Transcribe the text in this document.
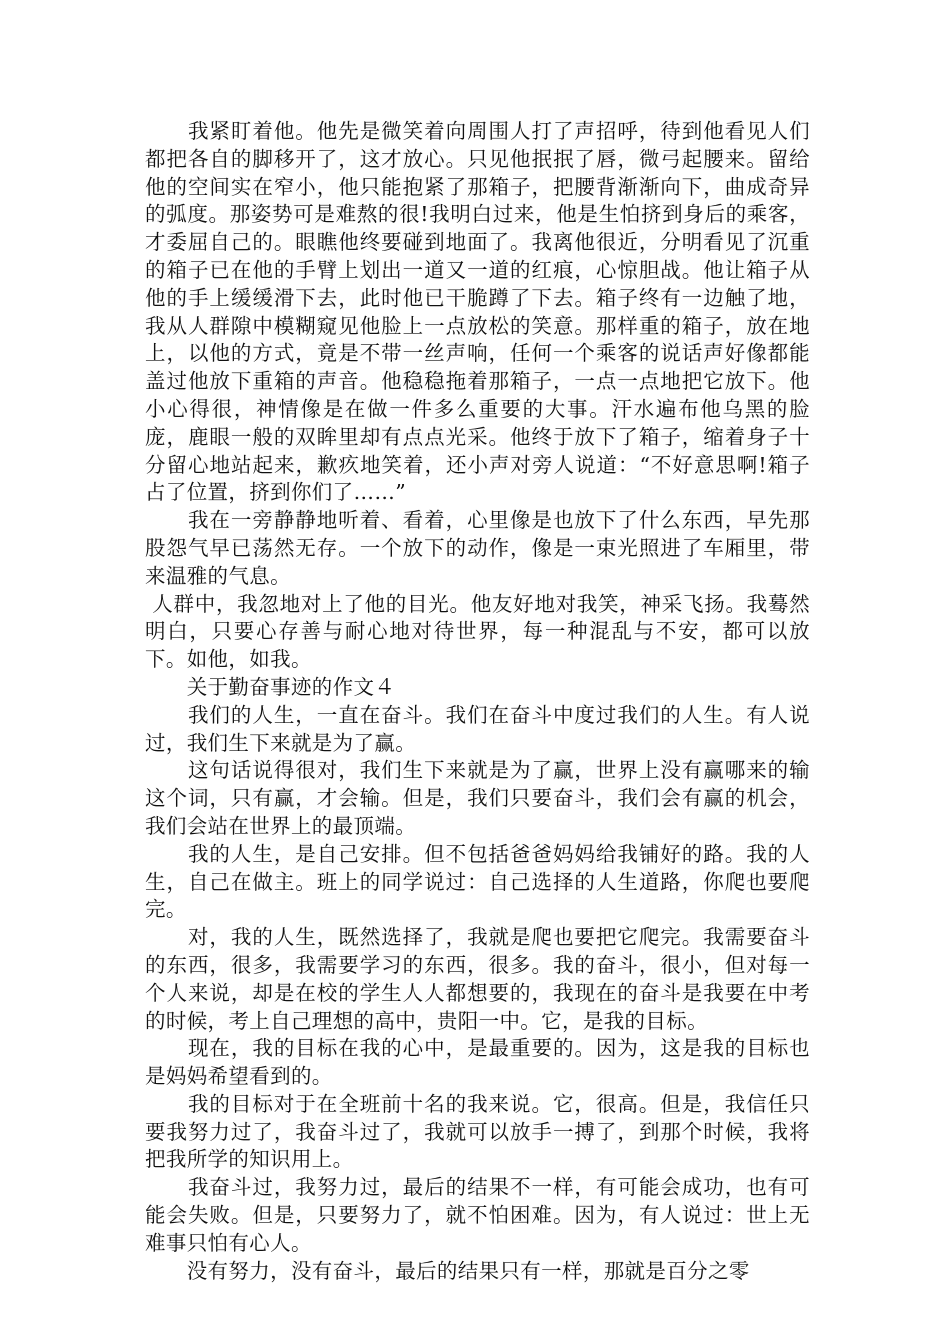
　　我紧盯着他。他先是微笑着向周围人打了声招呼，待到他看见人们都把各自的脚移开了，这才放心。只见他抿抿了唇，微弓起腰来。留给他的空间实在窄小，他只能抱紧了那箱子，把腰背渐渐向下，曲成奇异的弧度。那姿势可是难熬的很!我明白过来，他是生怕挤到身后的乘客，才委屈自己的。眼瞧他终要碰到地面了。我离他很近，分明看见了沉重的箱子已在他的手臂上划出一道又一道的红痕，心惊胆战。他让箱子从他的手上缓缓滑下去，此时他已干脆蹲了下去。箱子终有一边触了地，我从人群隙中模糊窥见他脸上一点放松的笑意。那样重的箱子，放在地上，以他的方式，竟是不带一丝声响，任何一个乘客的说话声好像都能盖过他放下重箱的声音。他稳稳拖着那箱子，一点一点地把它放下。他小心得很，神情像是在做一件多么重要的大事。汗水遍布他乌黑的脸庞，鹿眼一般的双眸里却有点点光采。他终于放下了箱子，缩着身子十分留心地站起来，歉疚地笑着，还小声对旁人说道：“不好意思啊!箱子占了位置，挤到你们了……”

　　我在一旁静静地听着、看着，心里像是也放下了什么东西，早先那股怨气早已荡然无存。一个放下的动作，像是一束光照进了车厢里，带来温雅的气息。

人群中，我忽地对上了他的目光。他友好地对我笑，神采飞扬。我蓦然明白，只要心存善与耐心地对待世界，每一种混乱与不安，都可以放下。如他，如我。

　　关于勤奋事迹的作文４

　　我们的人生，一直在奋斗。我们在奋斗中度过我们的人生。有人说过，我们生下来就是为了赢。

　　这句话说得很对，我们生下来就是为了赢，世界上没有赢哪来的输这个词，只有赢，才会输。但是，我们只要奋斗，我们会有赢的机会，我们会站在世界上的最顶端。

　　我的人生，是自己安排。但不包括爸爸妈妈给我铺好的路。我的人生，自己在做主。班上的同学说过：自己选择的人生道路，你爬也要爬完。

　　对，我的人生，既然选择了，我就是爬也要把它爬完。我需要奋斗的东西，很多，我需要学习的东西，很多。我的奋斗，很小，但对每一个人来说，却是在校的学生人人都想要的，我现在的奋斗是我要在中考的时候，考上自己理想的高中，贵阳一中。它，是我的目标。

　　现在，我的目标在我的心中，是最重要的。因为，这是我的目标也是妈妈希望看到的。

　　我的目标对于在全班前十名的我来说。它，很高。但是，我信任只要我努力过了，我奋斗过了，我就可以放手一搏了，到那个时候，我将把我所学的知识用上。

　　我奋斗过，我努力过，最后的结果不一样，有可能会成功，也有可能会失败。但是，只要努力了，就不怕困难。因为，有人说过：世上无难事只怕有心人。

　　没有努力，没有奋斗，最后的结果只有一样，那就是百分之零
